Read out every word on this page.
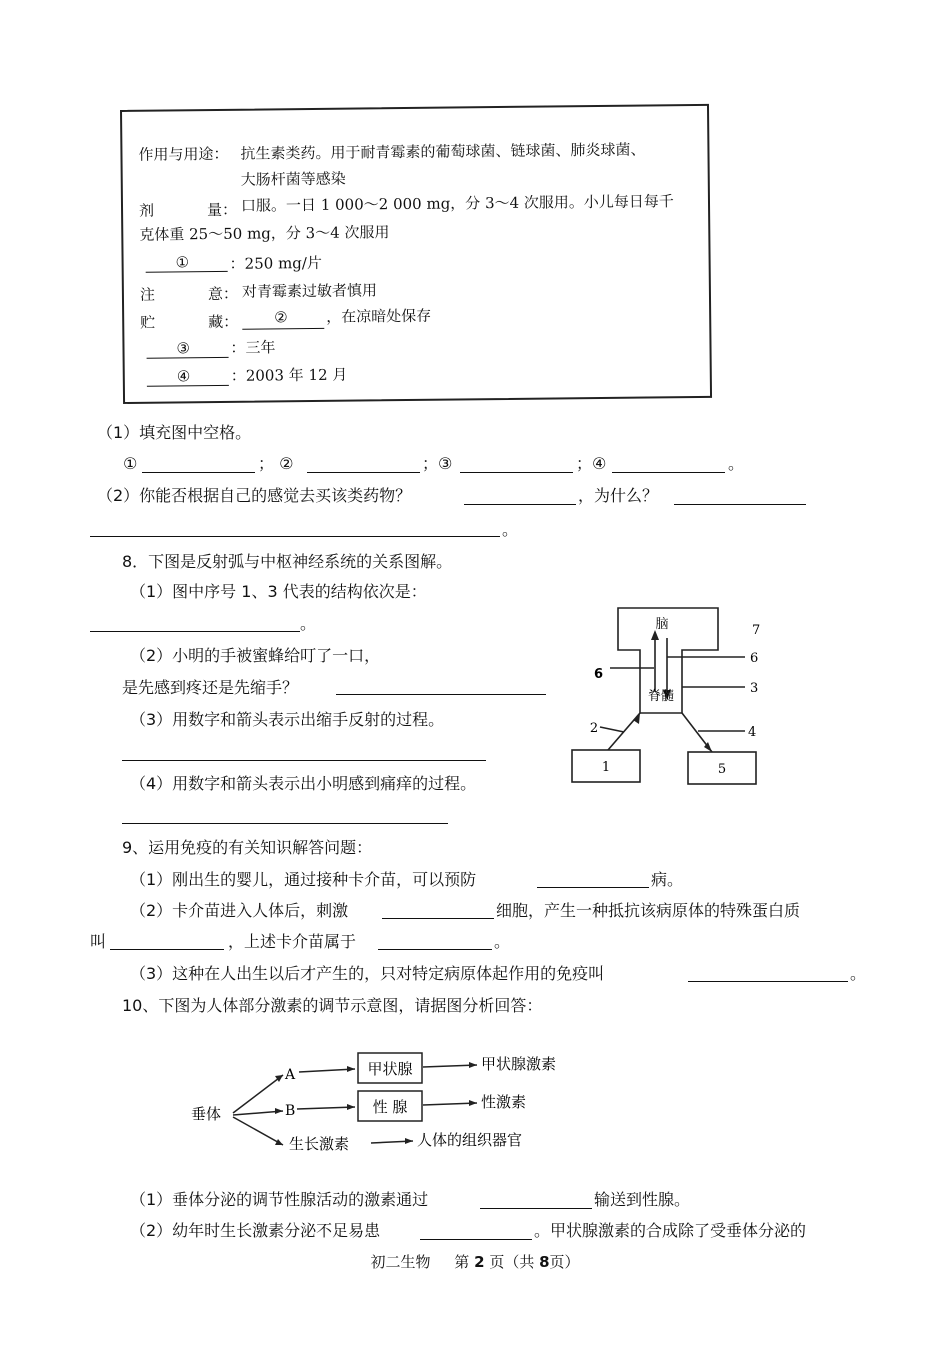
作用与用途： 抗生素类药。用于耐青霉素的葡萄球菌、链球菌、肺炎球菌、
大肠杆菌等感染
剂	量： 口服。一日 1 000～2 000 mg，分 3～4 次服用。小儿每日每千
克体重 25～50 mg，分 3～4 次服用
①	：250 mg/片
注	意： 对青霉素过敏者慎用
贮	藏： ②	，在凉暗处保存
③	：三年
④	：2003 年 12 月
（1）填充图中空格。
①	； ②	；③	；④	。
（2）你能否根据自己的感觉去买该类药物？	，为什么？
。
8．下图是反射弧与中枢神经系统的关系图解。
（1）图中序号 1、3 代表的结构依次是：
。
（2）小明的手被蜜蜂给叮了一口，
是先感到疼还是先缩手？
（3）用数字和箭头表示出缩手反射的过程。
（4）用数字和箭头表示出小明感到痛痒的过程。
脑
脊髓
1	5
2
3
4
6
6
7
9、运用免疫的有关知识解答问题：
（1）刚出生的婴儿，通过接种卡介苗，可以预防	病。
（2）卡介苗进入人体后，刺激	细胞，产生一种抵抗该病原体的特殊蛋白质
叫	，上述卡介苗属于	。
（3）这种在人出生以后才产生的，只对特定病原体起作用的免疫叫	。
10、下图为人体部分激素的调节示意图，请据图分析回答：
垂体
A
B
甲状腺
性 腺
甲状腺激素
性激素
生长激素	人体的组织器官
（1）垂体分泌的调节性腺活动的激素通过	输送到性腺。
（2）幼年时生长激素分泌不足易患	。甲状腺激素的合成除了受垂体分泌的
初二生物 第 2 页（共 8页）
